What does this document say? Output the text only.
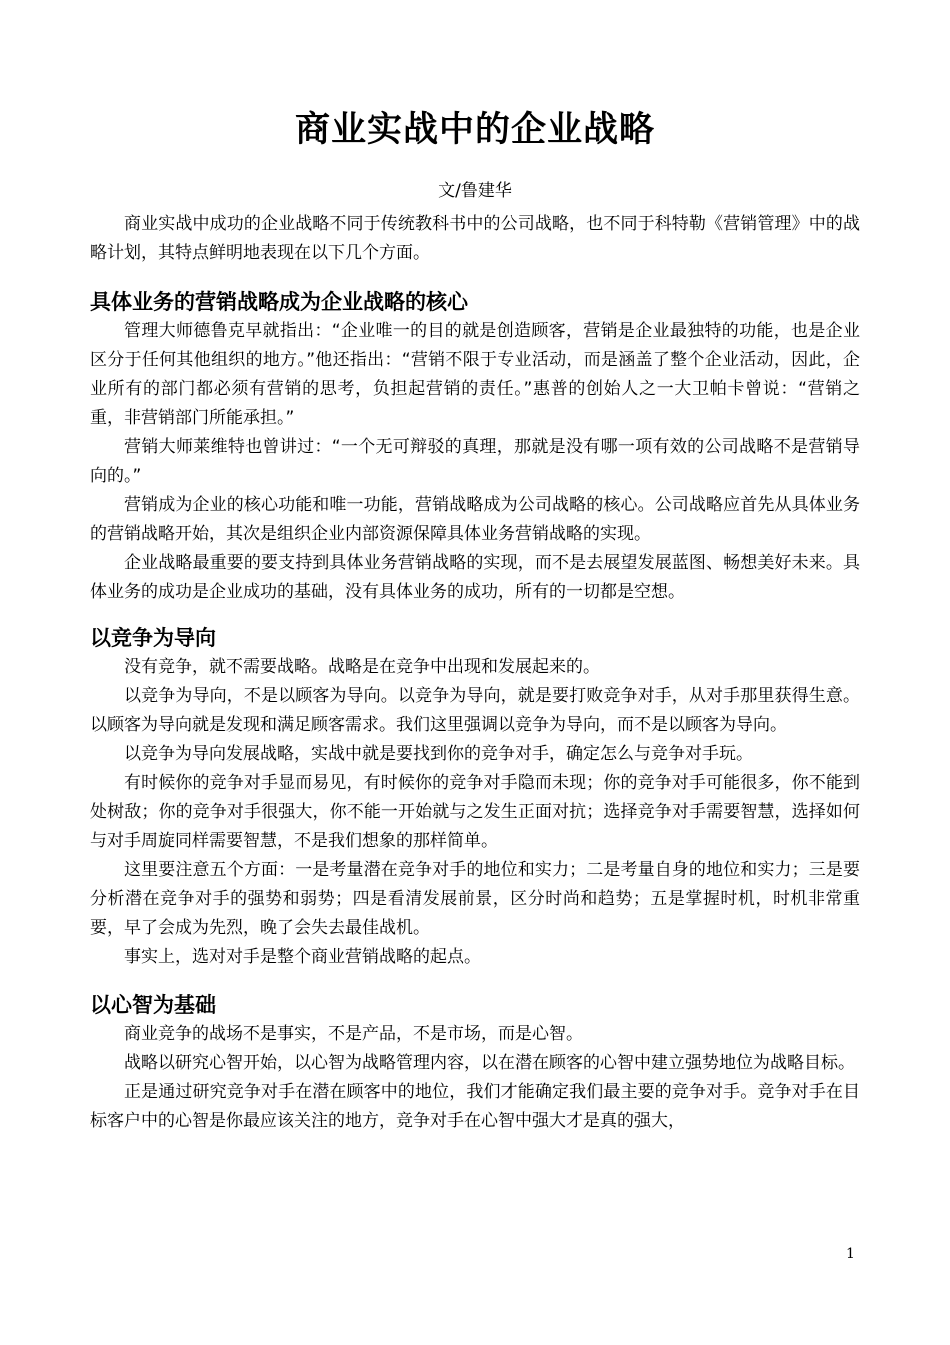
商业实战中的企业战略
文/鲁建华

商业实战中成功的企业战略不同于传统教科书中的公司战略，也不同于科特勒《营销管理》中的战略计划，其特点鲜明地表现在以下几个方面。

具体业务的营销战略成为企业战略的核心

管理大师德鲁克早就指出：“企业唯一的目的就是创造顾客，营销是企业最独特的功能，也是企业区分于任何其他组织的地方。”他还指出：“营销不限于专业活动，而是涵盖了整个企业活动，因此，企业所有的部门都必须有营销的思考，负担起营销的责任。”惠普的创始人之一大卫帕卡曾说：“营销之重，非营销部门所能承担。”

营销大师莱维特也曾讲过：“一个无可辩驳的真理，那就是没有哪一项有效的公司战略不是营销导向的。”

营销成为企业的核心功能和唯一功能，营销战略成为公司战略的核心。公司战略应首先从具体业务的营销战略开始，其次是组织企业内部资源保障具体业务营销战略的实现。

企业战略最重要的要支持到具体业务营销战略的实现，而不是去展望发展蓝图、畅想美好未来。具体业务的成功是企业成功的基础，没有具体业务的成功，所有的一切都是空想。

以竞争为导向

没有竞争，就不需要战略。战略是在竞争中出现和发展起来的。

以竞争为导向，不是以顾客为导向。以竞争为导向，就是要打败竞争对手，从对手那里获得生意。以顾客为导向就是发现和满足顾客需求。我们这里强调以竞争为导向，而不是以顾客为导向。

以竞争为导向发展战略，实战中就是要找到你的竞争对手，确定怎么与竞争对手玩。

有时候你的竞争对手显而易见，有时候你的竞争对手隐而未现；你的竞争对手可能很多，你不能到处树敌；你的竞争对手很强大，你不能一开始就与之发生正面对抗；选择竞争对手需要智慧，选择如何与对手周旋同样需要智慧，不是我们想象的那样简单。

这里要注意五个方面：一是考量潜在竞争对手的地位和实力；二是考量自身的地位和实力；三是要分析潜在竞争对手的强势和弱势；四是看清发展前景，区分时尚和趋势；五是掌握时机，时机非常重要，早了会成为先烈，晚了会失去最佳战机。

事实上，选对对手是整个商业营销战略的起点。

以心智为基础

商业竞争的战场不是事实，不是产品，不是市场，而是心智。

战略以研究心智开始，以心智为战略管理内容，以在潜在顾客的心智中建立强势地位为战略目标。

正是通过研究竞争对手在潜在顾客中的地位，我们才能确定我们最主要的竞争对手。竞争对手在目标客户中的心智是你最应该关注的地方，竞争对手在心智中强大才是真的强大，

1
